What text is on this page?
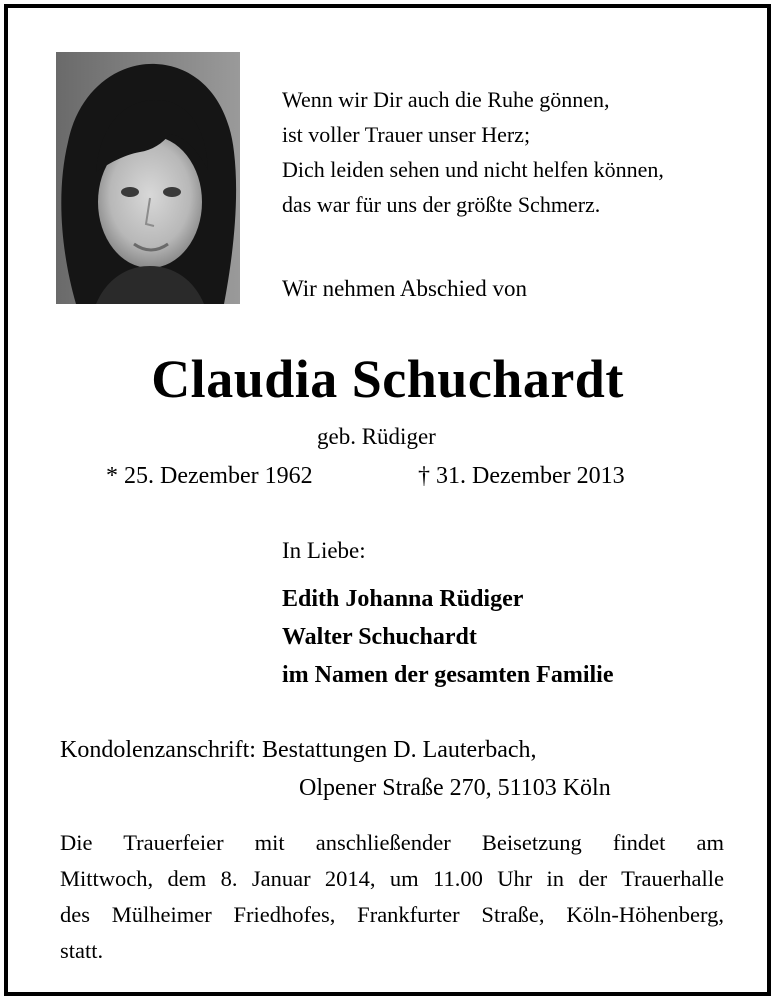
Wenn wir Dir auch die Ruhe gönnen,
ist voller Trauer unser Herz;
Dich leiden sehen und nicht helfen können,
das war für uns der größte Schmerz.
Wir nehmen Abschied von
Claudia Schuchardt
geb. Rüdiger
* 25. Dezember 1962	† 31. Dezember 2013
In Liebe:
Edith Johanna Rüdiger
Walter Schuchardt
im Namen der gesamten Familie
Kondolenzanschrift: Bestattungen D. Lauterbach,
Olpener Straße 270, 51103 Köln
Die Trauerfeier mit anschließender Beisetzung findet am
Mittwoch, dem 8. Januar 2014, um 11.00 Uhr in der Trauerhalle
des Mülheimer Friedhofes, Frankfurter Straße, Köln-Höhenberg,
statt.
